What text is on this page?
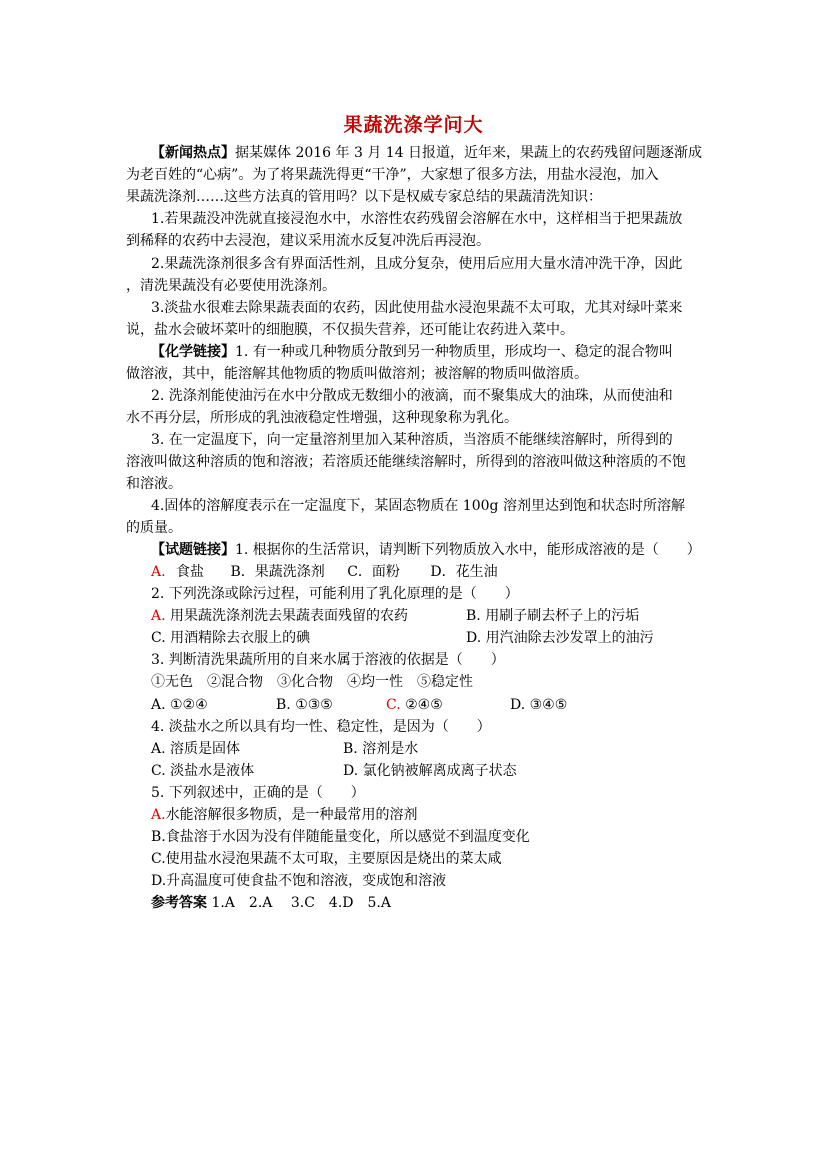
果蔬洗涤学问大
【新闻热点】据某媒体 2016 年 3 月 14 日报道，近年来，果蔬上的农药残留问题逐渐成
为老百姓的“心病”。为了将果蔬洗得更“干净”，大家想了很多方法，用盐水浸泡，加入
果蔬洗涤剂……这些方法真的管用吗？以下是权威专家总结的果蔬清洗知识：
1.若果蔬没冲洗就直接浸泡水中，水溶性农药残留会溶解在水中，这样相当于把果蔬放
到稀释的农药中去浸泡，建议采用流水反复冲洗后再浸泡。
2.果蔬洗涤剂很多含有界面活性剂，且成分复杂，使用后应用大量水清冲洗干净，因此
，清洗果蔬没有必要使用洗涤剂。
3.淡盐水很难去除果蔬表面的农药，因此使用盐水浸泡果蔬不太可取，尤其对绿叶菜来
说，盐水会破坏菜叶的细胞膜，不仅损失营养，还可能让农药进入菜中。
【化学链接】1. 有一种或几种物质分散到另一种物质里，形成均一、稳定的混合物叫
做溶液，其中，能溶解其他物质的物质叫做溶剂；被溶解的物质叫做溶质。
2. 洗涤剂能使油污在水中分散成无数细小的液滴，而不聚集成大的油珠，从而使油和
水不再分层，所形成的乳浊液稳定性增强，这种现象称为乳化。
3. 在一定温度下，向一定量溶剂里加入某种溶质，当溶质不能继续溶解时，所得到的
溶液叫做这种溶质的饱和溶液；若溶质还能继续溶解时，所得到的溶液叫做这种溶质的不饱
和溶液。
4.固体的溶解度表示在一定温度下，某固态物质在 100g 溶剂里达到饱和状态时所溶解
的质量。
【试题链接】1. 根据你的生活常识，请判断下列物质放入水中，能形成溶液的是（　　）
A. 食盐 B．果蔬洗涤剂 C．面粉 D．花生油
2. 下列洗涤或除污过程，可能利用了乳化原理的是（　　）
A. 用果蔬洗涤剂洗去果蔬表面残留的农药	B. 用刷子刷去杯子上的污垢
C. 用酒精除去衣服上的碘	D. 用汽油除去沙发罩上的油污
3. 判断清洗果蔬所用的自来水属于溶液的依据是（　　）
①无色　②混合物　③化合物　④均一性　⑤稳定性
A. ①②④	B. ①③⑤	C. ②④⑤	D. ③④⑤
4. 淡盐水之所以具有均一性、稳定性，是因为（　　）
A. 溶质是固体	B. 溶剂是水
C. 淡盐水是液体	D. 氯化钠被解离成离子状态
5. 下列叙述中，正确的是（　　）
A.水能溶解很多物质，是一种最常用的溶剂
B.食盐溶于水因为没有伴随能量变化，所以感觉不到温度变化
C.使用盐水浸泡果蔬不太可取，主要原因是烧出的菜太咸
D.升高温度可使食盐不饱和溶液，变成饱和溶液
参考答案 1.A　2.A　 3.C　4.D　5.A
